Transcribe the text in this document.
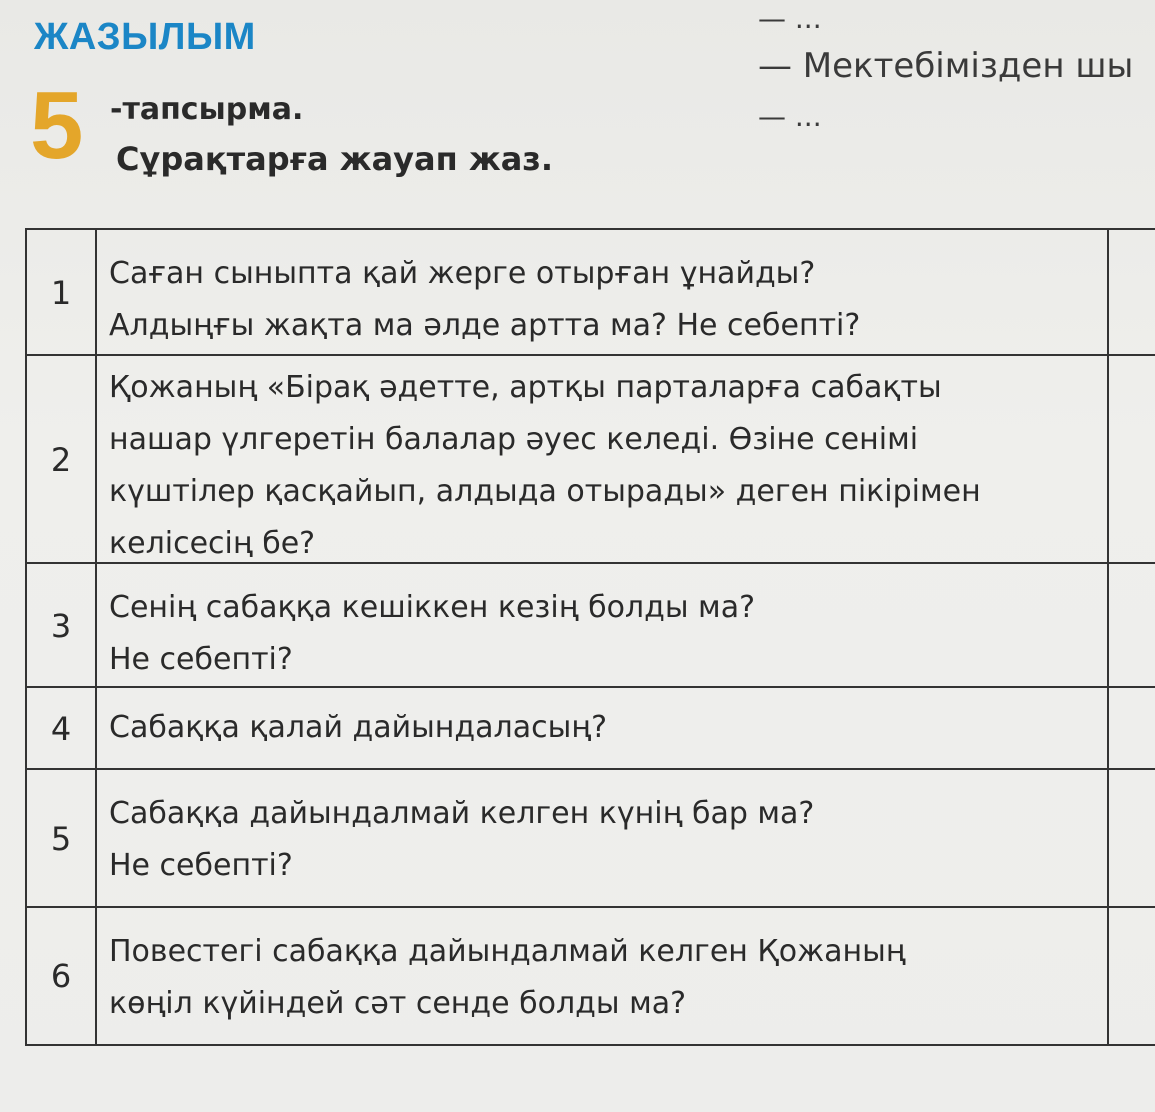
ЖАЗЫЛЫМ
5 -тапсырма.
Сұрақтарға жауап жаз.
— ...
— Мектебімізден шы
— ...
1
Саған сыныпта қай жерге отырған ұнайды?
Алдыңғы жақта ма әлде артта ма? Не себепті?
2
Қожаның «Бірақ әдетте, артқы парталарға сабақты
нашар үлгеретін балалар әуес келеді. Өзіне сенімі
күштілер қасқайып, алдыда отырады» деген пікірімен
келісесің бе?
3	Сенің сабаққа кешіккен кезің болды ма?
Не себепті?
4	Сабаққа қалай дайындаласың?
5
Сабаққа дайындалмай келген күнің бар ма?
Не себепті?
6
Повестегі сабаққа дайындалмай келген Қожаның
көңіл күйіндей сәт сенде болды ма?
